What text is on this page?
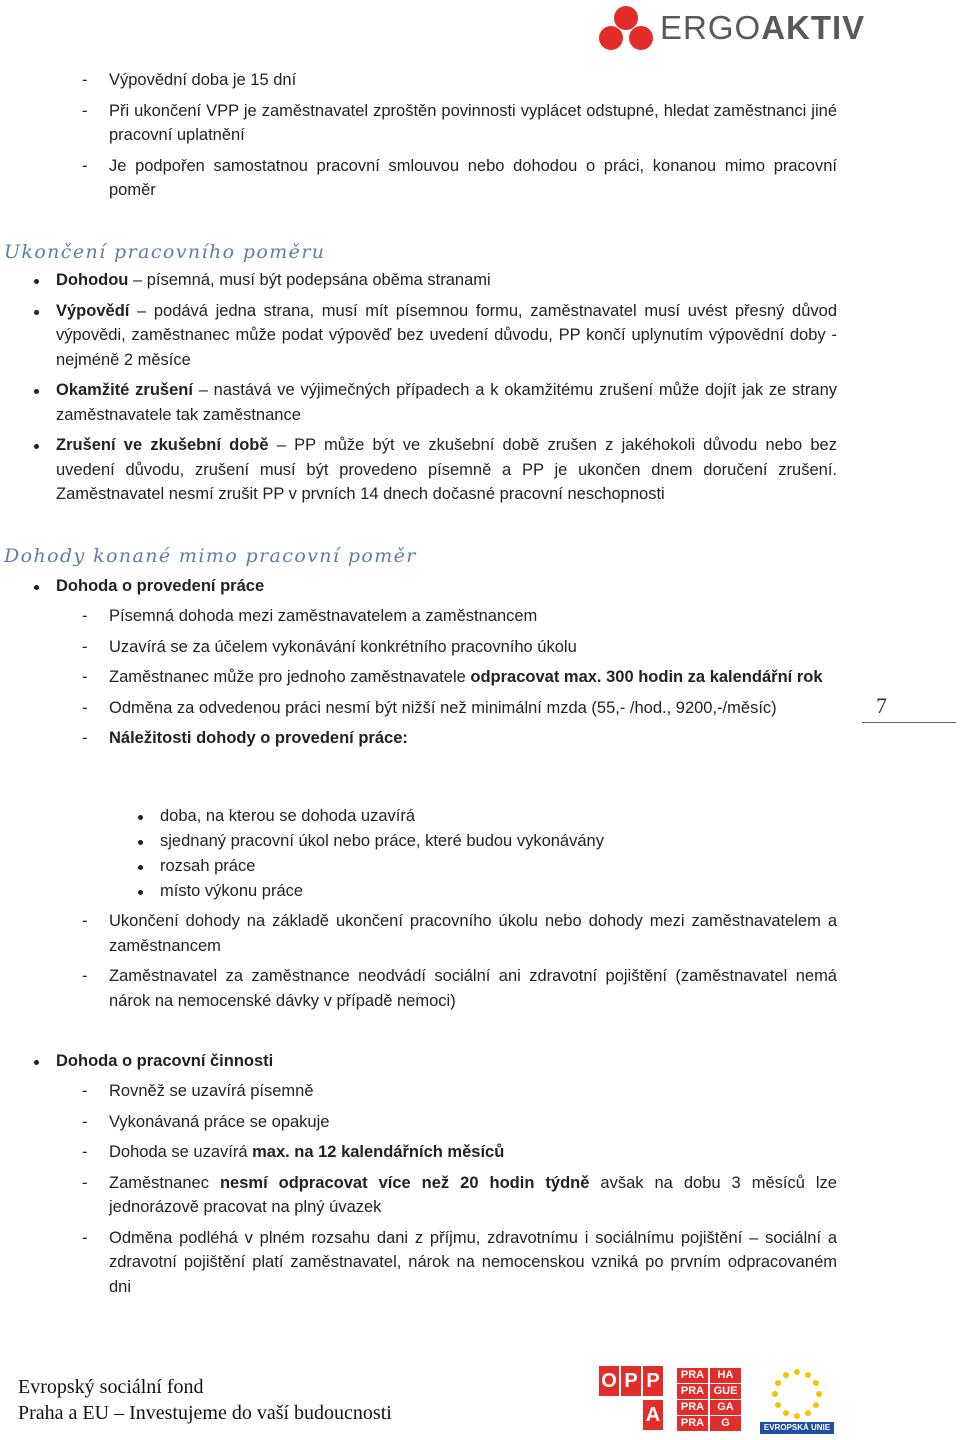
ERGOAKTIV
- Výpovědní doba je 15 dní
- Při ukončení VPP je zaměstnavatel zproštěn povinnosti vyplácet odstupné, hledat zaměstnanci jiné pracovní uplatnění
- Je podpořen samostatnou pracovní smlouvou nebo dohodou o práci, konanou mimo pracovní poměr
Ukončení pracovního poměru
Dohodou – písemná, musí být podepsána oběma stranami
Výpovědí – podává jedna strana, musí mít písemnou formu, zaměstnavatel musí uvést přesný důvod výpovědi, zaměstnanec může podat výpověď bez uvedení důvodu, PP končí uplynutím výpovědní doby - nejméně 2 měsíce
Okamžité zrušení – nastává ve výjimečných případech a k okamžitému zrušení může dojít jak ze strany zaměstnavatele tak zaměstnance
Zrušení ve zkušební době – PP může být ve zkušební době zrušen z jakéhokoli důvodu nebo bez uvedení důvodu, zrušení musí být provedeno písemně a PP je ukončen dnem doručení zrušení. Zaměstnavatel nesmí zrušit PP v prvních 14 dnech dočasné pracovní neschopnosti
Dohody konané mimo pracovní poměr
Dohoda o provedení práce
- Písemná dohoda mezi zaměstnavatelem a zaměstnancem
- Uzavírá se za účelem vykonávání konkrétního pracovního úkolu
- Zaměstnanec může pro jednoho zaměstnavatele odpracovat max. 300 hodin za kalendářní rok
- Odměna za odvedenou práci nesmí být nižší než minimální mzda (55,- /hod., 9200,-/měsíc)
- Náležitosti dohody o provedení práce:
doba, na kterou se dohoda uzavírá
sjednaný pracovní úkol nebo práce, které budou vykonávány
rozsah práce
místo výkonu práce
- Ukončení dohody na základě ukončení pracovního úkolu nebo dohody mezi zaměstnavatelem a zaměstnancem
- Zaměstnavatel za zaměstnance neodvádí sociální ani zdravotní pojištění (zaměstnavatel nemá nárok na nemocenské dávky v případě nemoci)
Dohoda o pracovní činnosti
- Rovněž se uzavírá písemně
- Vykonávaná práce se opakuje
- Dohoda se uzavírá max. na 12 kalendářních měsíců
- Zaměstnanec nesmí odpracovat více než 20 hodin týdně avšak na dobu 3 měsíců lze jednorázově pracovat na plný úvazek
- Odměna podléhá v plném rozsahu dani z příjmu, zdravotnímu i sociálnímu pojištění – sociální a zdravotní pojištění platí zaměstnavatel, nárok na nemocenskou vzniká po prvním odpracovaném dni
7
Evropský sociální fond
Praha a EU – Investujeme do vaší budoucnosti
O P P
A
PRA	HA
PRA GUE
PRA	GA
PRA	G	EVROPSKÁ UNIE
